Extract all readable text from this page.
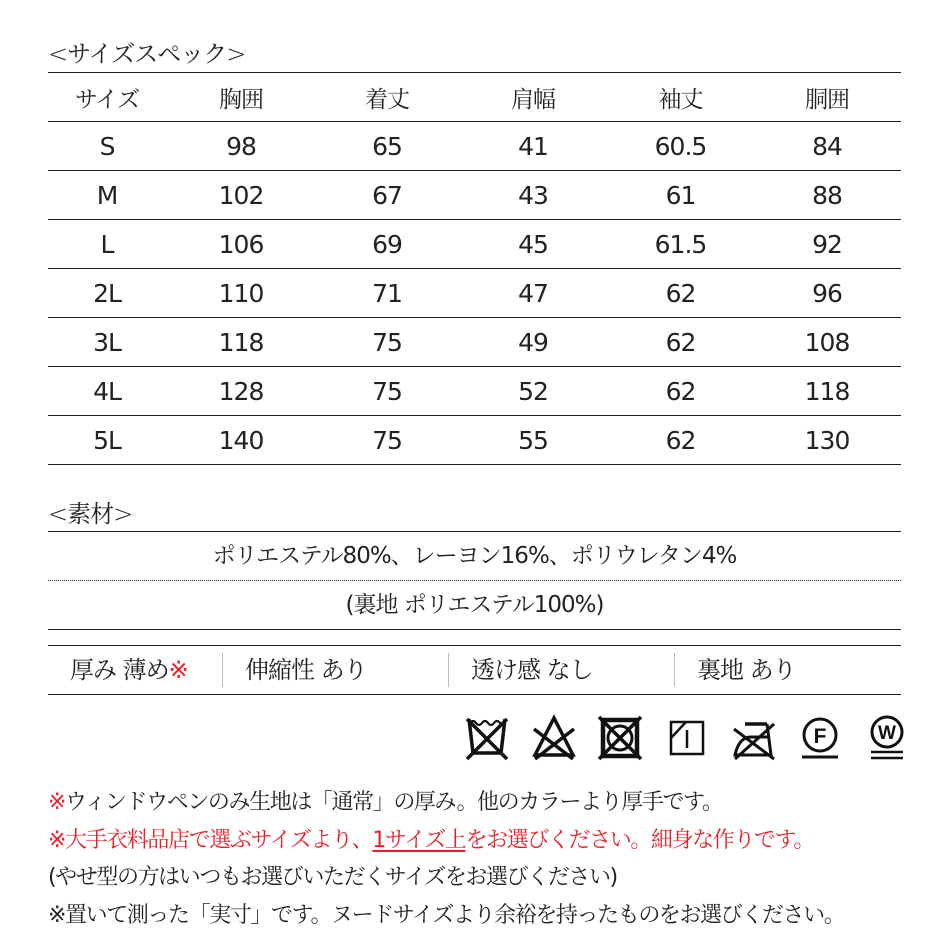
<サイズスペック>
サイズ	胸囲	着丈	肩幅	袖丈	胴囲
S	98	65	41	60.5	84
M	102	67	43	61	88
L	106	69	45	61.5	92
2L	110	71	47	62	96
3L	118	75	49	62	108
4L	128	75	52	62	118
5L	140	75	55	62	130
<素材>
ポリエステル80%、レーヨン16%、ポリウレタン4%
(裏地 ポリエステル100%)
厚み 薄め※	伸縮性 あり	透け感 なし	裏地 あり
F	W
※ウィンドウペンのみ生地は「通常」の厚み。他のカラーより厚手です。
※大手衣料品店で選ぶサイズより、1サイズ上をお選びください。細身な作りです。
(やせ型の方はいつもお選びいただくサイズをお選びください)
※置いて測った「実寸」です。ヌードサイズより余裕を持ったものをお選びください。
